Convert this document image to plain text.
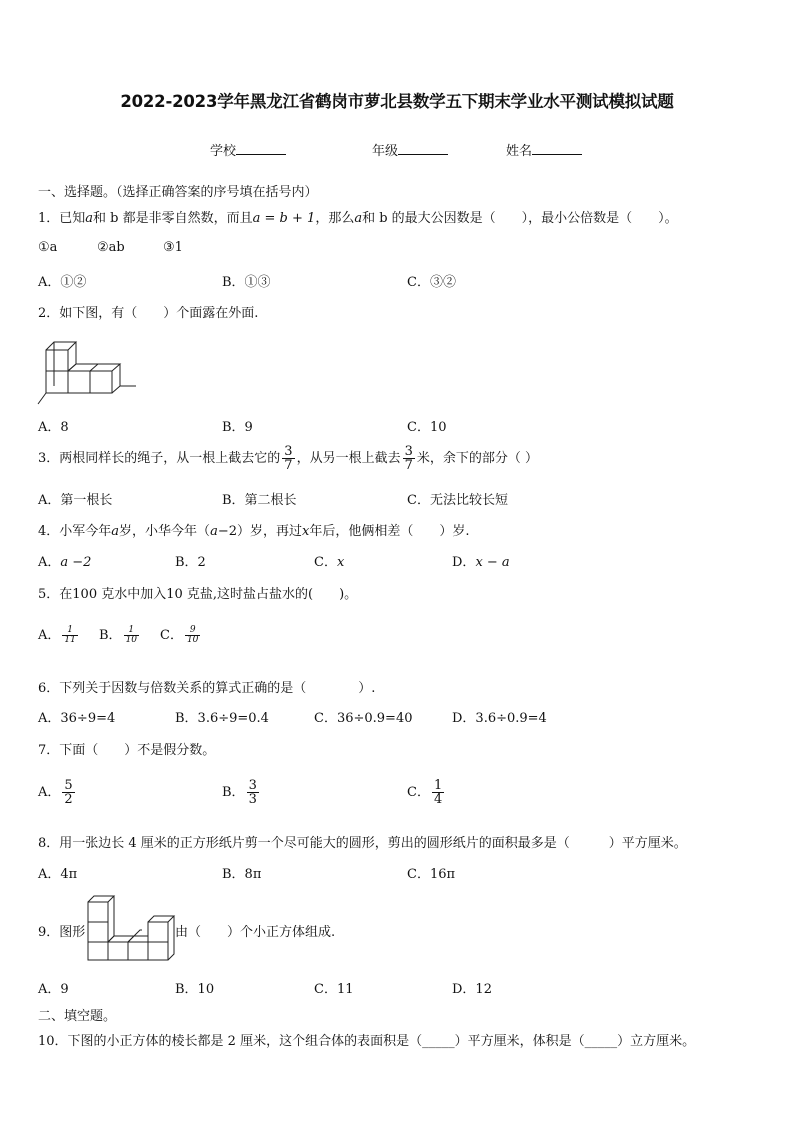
2022-2023学年黑龙江省鹤岗市萝北县数学五下期末学业水平测试模拟试题
学校	年级	姓名
一、选择题。（选择正确答案的序号填在括号内）
1．已知a和 b 都是非零自然数，而且a = b + 1，那么a和 b 的最大公因数是（　　），最小公倍数是（　　）。
①a	②ab	③1
A．①②	B．①③	C．③②
2．如下图，有（　　）个面露在外面.
A．8	B．9	C．10
3．两根同样长的绳子，从一根上截去它的 $\frac{3}{7}$ ，从另一根上截去 $\frac{3}{7}$ 米，余下的部分（ ）
A．第一根长	B．第二根长	C．无法比较长短
4．小军今年a岁，小华今年（a−2）岁，再过x年后，他俩相差（　　）岁.
A．a −2	B．2	C．x	D．x − a
5．在100 克水中加入10 克盐,这时盐占盐水的(　　)。
A． $\frac{1}{11}$ B． $\frac{1}{10}$ C． $\frac{9}{10}$
6．下列关于因数与倍数关系的算式正确的是（　　　　）.
A．36÷9=4	B．3.6÷9=0.4	C．36÷0.9=40	D．3.6÷0.9=4
7．下面（　　）不是假分数。
A． $\frac{5}{2}$	B． $\frac{3}{3}$	C． $\frac{1}{4}$
8．用一张边长 4 厘米的正方形纸片剪一个尽可能大的圆形，剪出的圆形纸片的面积最多是（　　　）平方厘米。
A．4π	B．8π	C．16π
9．图形	由（　　）个小正方体组成.
A．9	B．10	C．11	D．12
二、填空题。
10．下图的小正方体的棱长都是 2 厘米，这个组合体的表面积是（_____）平方厘米，体积是（_____）立方厘米。
